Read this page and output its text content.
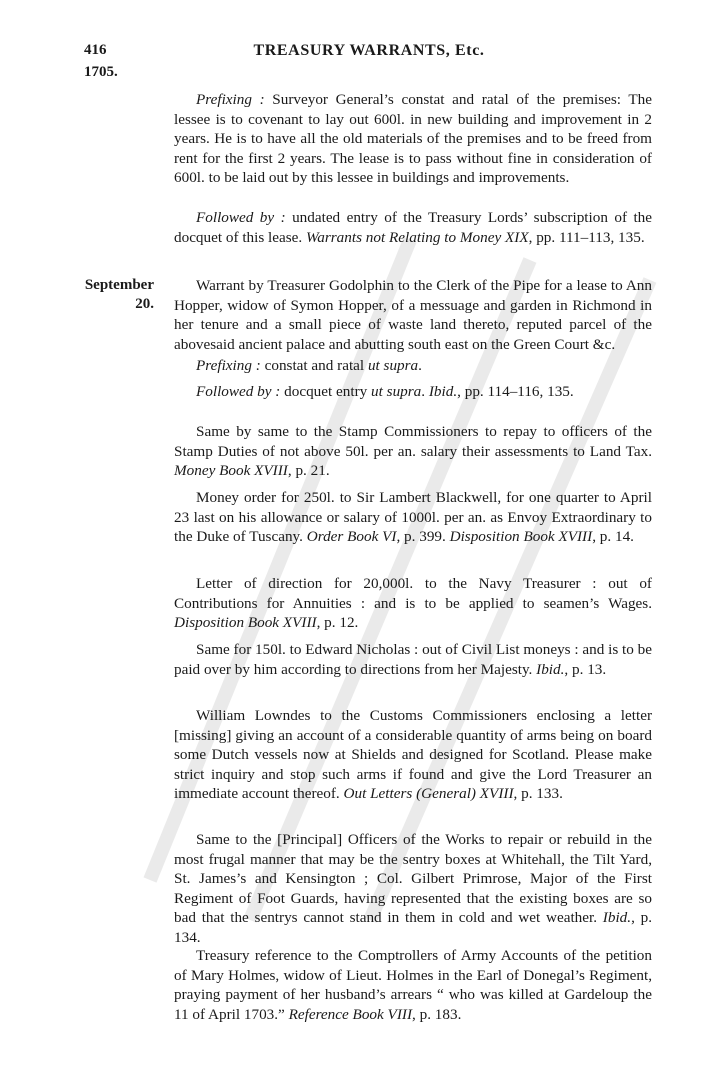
416	TREASURY WARRANTS, Etc.
1705.

Prefixing : Surveyor General’s constat and ratal of the premises: The lessee is to covenant to lay out 600l. in new building and improvement in 2 years. He is to have all the old materials of the premises and to be freed from rent for the first 2 years. The lease is to pass without fine in consideration of 600l. to be laid out by this lessee in buildings and improvements.

Followed by : undated entry of the Treasury Lords’ subscription of the docquet of this lease. Warrants not Relating to Money XIX, pp. 111–113, 135.

September
20.

Warrant by Treasurer Godolphin to the Clerk of the Pipe for a lease to Ann Hopper, widow of Symon Hopper, of a messuage and garden in Richmond in her tenure and a small piece of waste land thereto, reputed parcel of the abovesaid ancient palace and abutting south east on the Green Court &c.

Prefixing : constat and ratal ut supra.

Followed by : docquet entry ut supra. Ibid., pp. 114–116, 135.

Same by same to the Stamp Commissioners to repay to officers of the Stamp Duties of not above 50l. per an. salary their assessments to Land Tax. Money Book XVIII, p. 21.

Money order for 250l. to Sir Lambert Blackwell, for one quarter to April 23 last on his allowance or salary of 1000l. per an. as Envoy Extraordinary to the Duke of Tuscany. Order Book VI, p. 399. Disposition Book XVIII, p. 14.

Letter of direction for 20,000l. to the Navy Treasurer : out of Contributions for Annuities : and is to be applied to seamen’s Wages. Disposition Book XVIII, p. 12.

Same for 150l. to Edward Nicholas : out of Civil List moneys : and is to be paid over by him according to directions from her Majesty. Ibid., p. 13.

William Lowndes to the Customs Commissioners enclosing a letter [missing] giving an account of a considerable quantity of arms being on board some Dutch vessels now at Shields and designed for Scotland. Please make strict inquiry and stop such arms if found and give the Lord Treasurer an immediate account thereof. Out Letters (General) XVIII, p. 133.

Same to the [Principal] Officers of the Works to repair or rebuild in the most frugal manner that may be the sentry boxes at Whitehall, the Tilt Yard, St. James’s and Kensington ; Col. Gilbert Primrose, Major of the First Regiment of Foot Guards, having represented that the existing boxes are so bad that the sentrys cannot stand in them in cold and wet weather. Ibid., p. 134.

Treasury reference to the Comptrollers of Army Accounts of the petition of Mary Holmes, widow of Lieut. Holmes in the Earl of Donegal’s Regiment, praying payment of her husband’s arrears “ who was killed at Gardeloup the 11 of April 1703.” Reference Book VIII, p. 183.
